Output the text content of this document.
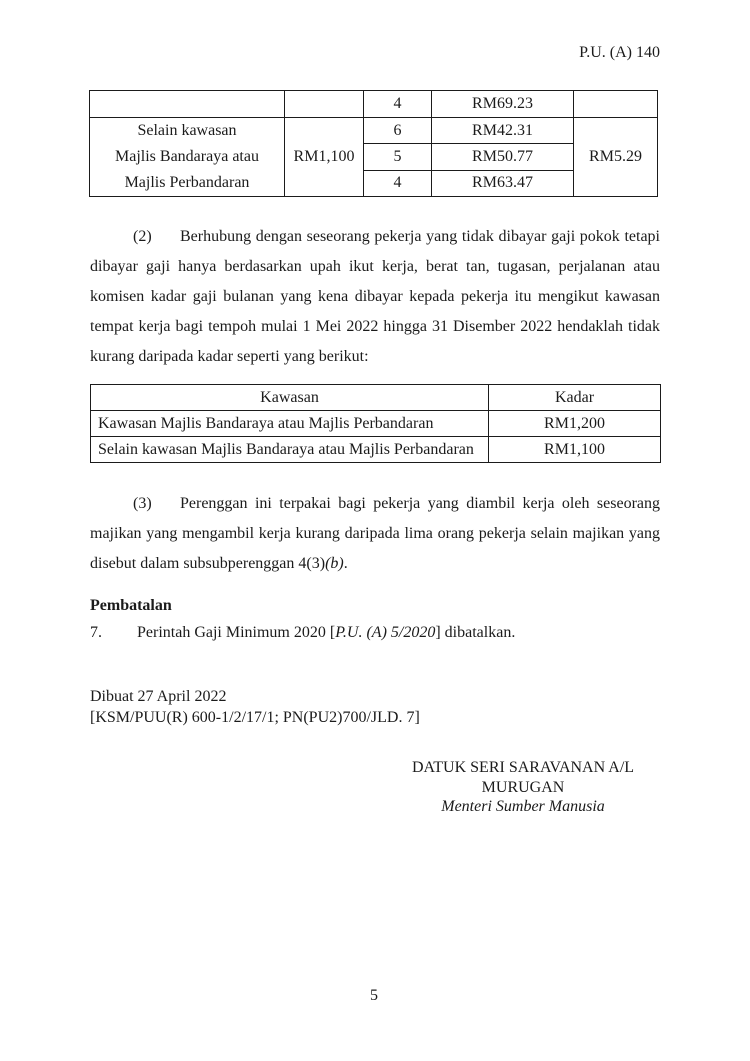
P.U. (A) 140
		4	RM69.23	

Selain kawasan
Majlis Bandaraya atau
Majlis Perbandaran	RM1,100	6	RM42.31	RM5.29
		5	RM50.77	
		4	RM63.47	

(2) Berhubung dengan seseorang pekerja yang tidak dibayar gaji pokok tetapi dibayar gaji hanya berdasarkan upah ikut kerja, berat tan, tugasan, perjalanan atau komisen kadar gaji bulanan yang kena dibayar kepada pekerja itu mengikut kawasan tempat kerja bagi tempoh mulai 1 Mei 2022 hingga 31 Disember 2022 hendaklah tidak kurang daripada kadar seperti yang berikut:

Kawasan	Kadar
Kawasan Majlis Bandaraya atau Majlis Perbandaran	RM1,200
Selain kawasan Majlis Bandaraya atau Majlis Perbandaran	RM1,100

(3) Perenggan ini terpakai bagi pekerja yang diambil kerja oleh seseorang majikan yang mengambil kerja kurang daripada lima orang pekerja selain majikan yang disebut dalam subsubperenggan 4(3)(b).

Pembatalan

7. Perintah Gaji Minimum 2020 [P.U. (A) 5/2020] dibatalkan.

Dibuat 27 April 2022
[KSM/PUU(R) 600-1/2/17/1; PN(PU2)700/JLD. 7]
DATUK SERI SARAVANAN A/L MURUGAN
Menteri Sumber Manusia
5
